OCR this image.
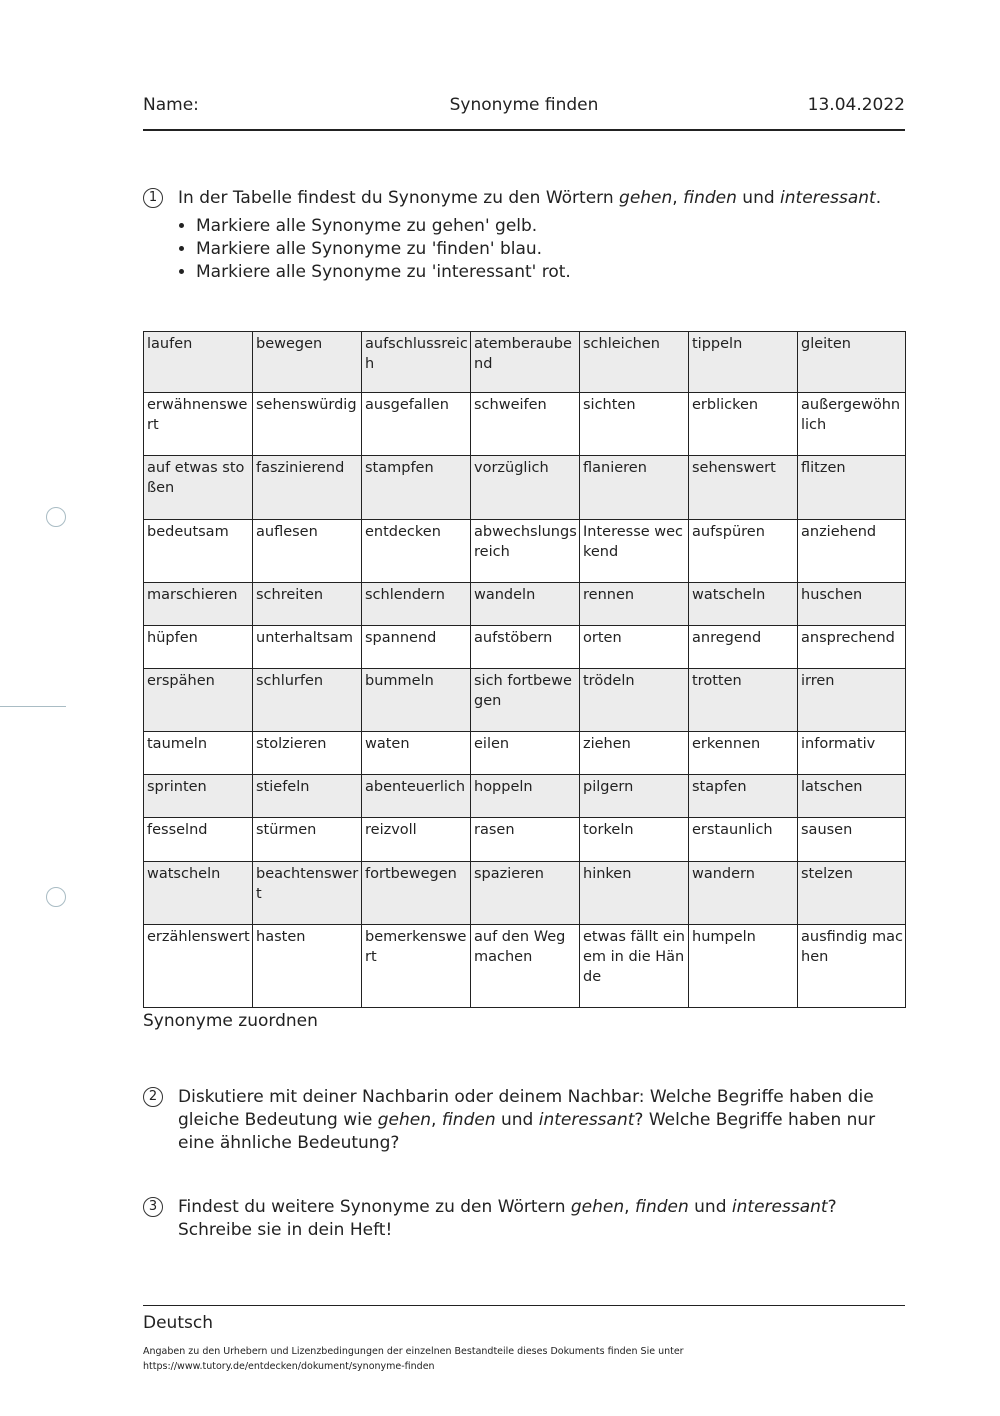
Name:	Synonyme finden	13.04.2022
1	In der Tabelle findest du Synonyme zu den Wörtern gehen, finden und interessant.
• Markiere alle Synonyme zu gehen' gelb.
• Markiere alle Synonyme zu 'finden' blau.
• Markiere alle Synonyme zu 'interessant' rot.
laufen	bewegen	aufschlussreich	atemberaubend	schleichen	tippeln	gleiten
erwähnenswert	sehenswürdig	ausgefallen	schweifen	sichten	erblicken	außergewöhnlich
auf etwas stoßen	faszinierend	stampfen	vorzüglich	flanieren	sehenswert	flitzen
bedeutsam	auflesen	entdecken	abwechslungsreich	Interesse weckend	aufspüren	anziehend
marschieren	schreiten	schlendern	wandeln	rennen	watscheln	huschen
hüpfen	unterhaltsam	spannend	aufstöbern	orten	anregend	ansprechend
erspähen	schlurfen	bummeln	sich fortbewegen	trödeln	trotten	irren
taumeln	stolzieren	waten	eilen	ziehen	erkennen	informativ
sprinten	stiefeln	abenteuerlich	hoppeln	pilgern	stapfen	latschen
fesselnd	stürmen	reizvoll	rasen	torkeln	erstaunlich	sausen
watscheln	beachtenswert	fortbewegen	spazieren	hinken	wandern	stelzen
erzählenswert	hasten	bemerkenswert	auf den Weg machen	etwas fällt einem in die Hände	humpeln	ausfindig machen
Synonyme zuordnen
2	Diskutiere mit deiner Nachbarin oder deinem Nachbar: Welche Begriffe haben die gleiche Bedeutung wie gehen, finden und interessant? Welche Begriffe haben nur eine ähnliche Bedeutung?
3	Findest du weitere Synonyme zu den Wörtern gehen, finden und interessant?
Schreibe sie in dein Heft!
Deutsch
Angaben zu den Urhebern und Lizenzbedingungen der einzelnen Bestandteile dieses Dokuments finden Sie unter
https://www.tutory.de/entdecken/dokument/synonyme-finden
